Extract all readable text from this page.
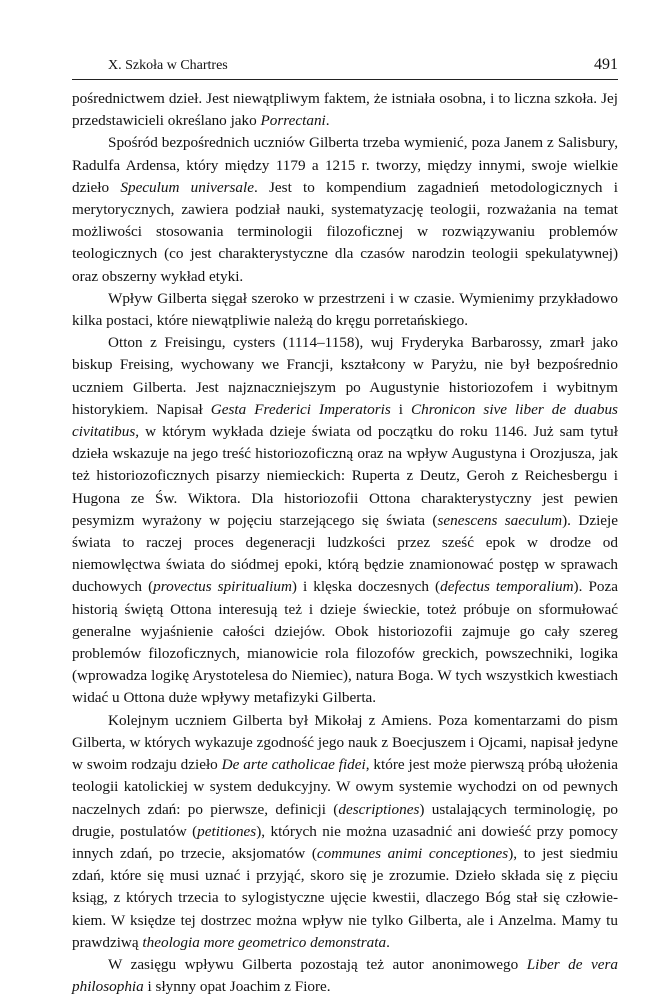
X. Szkoła w Chartres	491

pośrednictwem dzieł. Jest niewątpliwym faktem, że istniała osobna, i to liczna szkoła. Jej przedstawicieli określano jako Porrectani.

Spośród bezpośrednich uczniów Gilberta trzeba wymienić, poza Janem z Salisbury, Radulfa Ardensa, który między 1179 a 1215 r. tworzy, między innymi, swoje wielkie dzieło Speculum universale. Jest to kompendium zagadnień metodologicznych i merytorycznych, zawiera podział nauki, systematyzację teologii, rozważania na temat możliwości stosowania terminologii filozoficznej w rozwiązywaniu problemów teologicznych (co jest charakterystyczne dla czasów narodzin teologii spekulatywnej) oraz obszerny wykład etyki.

Wpływ Gilberta sięgał szeroko w przestrzeni i w czasie. Wymienimy przykładowo kilka postaci, które niewątpliwie należą do kręgu porretańskiego.

Otton z Freisingu, cysters (1114–1158), wuj Fryderyka Barbarossy, zmarł jako biskup Freising, wychowany we Francji, kształcony w Paryżu, nie był bezpośrednio uczniem Gilberta. Jest najznaczniejszym po Augustynie historiozofem i wybitnym historykiem. Napisał Gesta Frederici Imperatoris i Chronicon sive liber de duabus civitatibus, w którym wykłada dzieje świata od początku do roku 1146. Już sam tytuł dzieła wskazuje na jego treść historiozoficzną oraz na wpływ Augustyna i Orozjusza, jak też historiozoficznych pisarzy niemieckich: Ruperta z Deutz, Geroh z Reichesbergu i Hugona ze Św. Wiktora. Dla historiozofii Ottona charakterystyczny jest pewien pesymizm wyrażony w pojęciu starzejącego się świata (senescens saeculum). Dzieje świata to raczej proces degeneracji ludzkości przez sześć epok w drodze od niemowlęctwa świata do siódmej epoki, którą będzie znamionować postęp w sprawach duchowych (provectus spiritualium) i klęska doczesnych (defectus temporalium). Poza historią świętą Ottona interesują też i dzieje świeckie, toteż próbuje on sformułować generalne wyjaśnienie całości dziejów. Obok historiozofii zajmuje go cały szereg problemów filozoficznych, mianowicie rola filozofów greckich, powszechniki, logika (wprowadza logikę Arystotelesa do Niemiec), natura Boga. W tych wszystkich kwestiach widać u Ottona duże wpływy metafizyki Gilberta.

Kolejnym uczniem Gilberta był Mikołaj z Amiens. Poza komentarzami do pism Gilberta, w których wykazuje zgodność jego nauk z Boecjuszem i Ojcami, napisał jedyne w swoim rodzaju dzieło De arte catholicae fidei, które jest może pierwszą próbą ułożenia teologii katolickiej w system dedukcyjny. W owym systemie wychodzi on od pewnych naczelnych zdań: po pierwsze, definicji (descriptiones) ustalających terminologię, po drugie, postulatów (petitiones), których nie można uzasadnić ani dowieść przy pomocy innych zdań, po trzecie, aksjomatów (communes animi conceptiones), to jest siedmiu zdań, które się musi uznać i przyjąć, skoro się je zrozumie. Dzieło składa się z pięciu ksiąg, z których trzecia to sylogistyczne ujęcie kwestii, dlaczego Bóg stał się człowiekiem. W księdze tej dostrzec można wpływ nie tylko Gilberta, ale i Anzelma. Mamy tu prawdziwą theologia more geometrico demonstrata.

W zasięgu wpływu Gilberta pozostają też autor anonimowego Liber de vera philosophia i słynny opat Joachim z Fiore.
